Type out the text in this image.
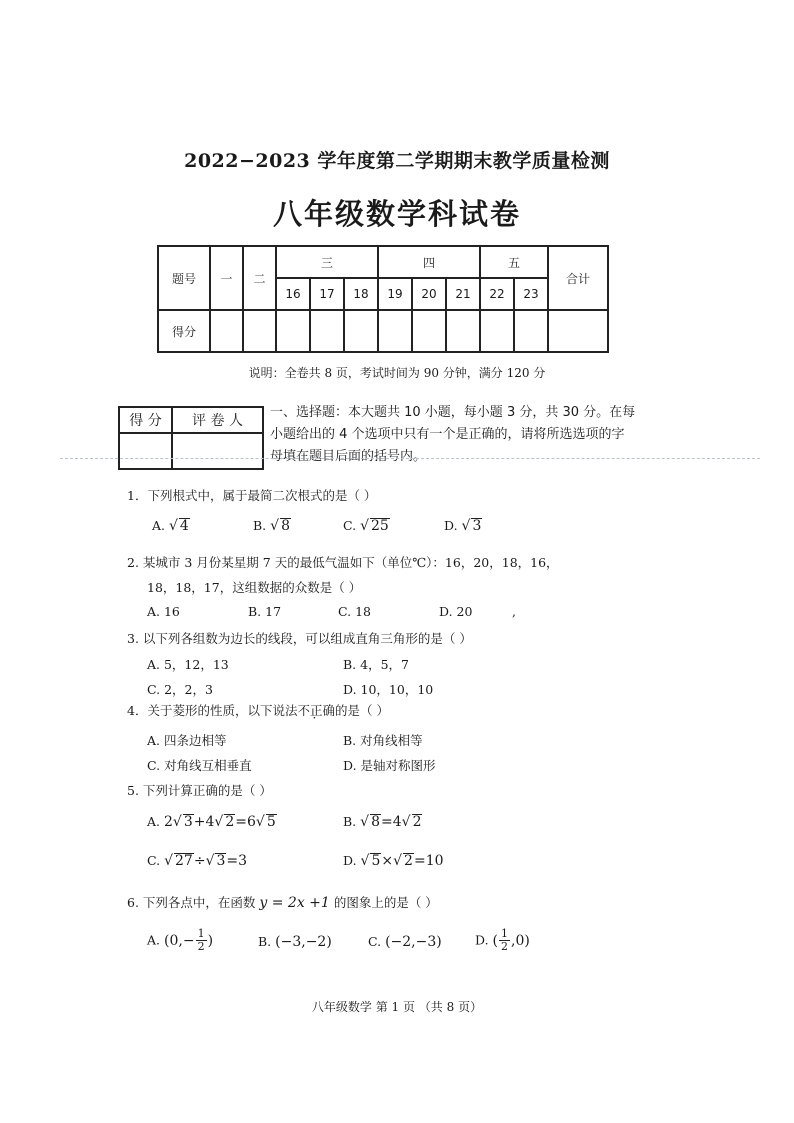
2022−2023 学年度第二学期期末教学质量检测
八年级数学科试卷
题号	一	二	三			四			五		合计
			16	17	18	19	20	21	22	23	
得分											
说明：全卷共 8 页，考试时间为 90 分钟，满分 120 分
得 分	评 卷 人

一、选择题：本大题共 10 小题，每小题 3 分，共 30 分。在每
小题给出的 4 个选项中只有一个是正确的，请将所选选项的字
母填在题目后面的括号内。
1．下列根式中，属于最简二次根式的是（ ）
A. √ 4	B. √ 8	C. √ 25	D. √ 3
2. 某城市 3 月份某星期 7 天的最低气温如下（单位℃）：16，20，18，16，
18，18，17，这组数据的众数是（ ）
A. 16	B. 17	C. 18	D. 20	,
3. 以下列各组数为边长的线段，可以组成直角三角形的是（ ）
A. 5，12，13	B. 4，5，7
C. 2，2，3	D. 10，10，10
4．关于菱形的性质，以下说法不正确的是（ ）
A. 四条边相等	B. 对角线相等
C. 对角线互相垂直	D. 是轴对称图形
5. 下列计算正确的是（ ）
A. 2√ 3+4√ 2=6√ 5	B. √ 8=4√ 2
C. √ 27÷√ 3=3	D. √ 5×√ 2=10
6. 下列各点中，在函数 y = 2x +1 的图象上的是（ ）
A. ($0,- \frac{1}{2}$ )	B. (−3,−2)	C. (−2,−3)	D. ( $\frac{1}{2} ,0$)
八年级数学 第 1 页 （共 8 页）
